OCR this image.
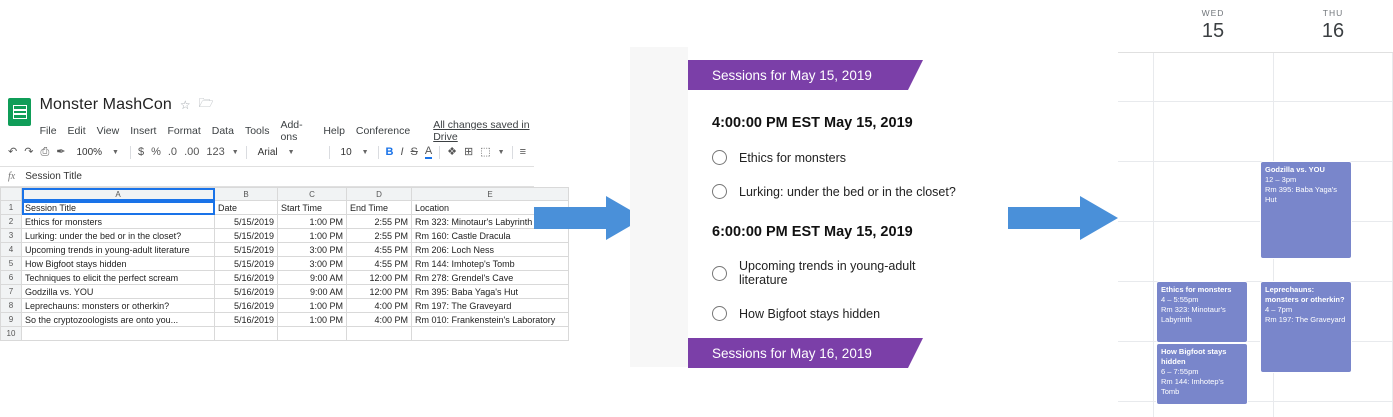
Monster MashCon ☆ 🗁
File Edit View Insert Format Data Tools Add-ons	Help Conference All changes saved in Drive
↶ ↷ ⎙ ✒ 100% ▼ $ % .0 .00 123 ▼ Arial ▼	10 ▼ B I S A ❖ ⊞ ⬚ ▼ ≡
fx Session Title
	A	B	C	D	E
1	Session Title	Date	Start Time	End Time	Location
2	Ethics for monsters	5/15/2019	1:00 PM	2:55 PM	Rm 323: Minotaur's Labyrinth
3	Lurking: under the bed or in the closet?	5/15/2019	1:00 PM	2:55 PM	Rm 160: Castle Dracula
4	Upcoming trends in young-adult literature	5/15/2019	3:00 PM	4:55 PM	Rm 206: Loch Ness
5	How Bigfoot stays hidden	5/15/2019	3:00 PM	4:55 PM	Rm 144: Imhotep's Tomb
6	Techniques to elicit the perfect scream	5/16/2019	9:00 AM	12:00 PM	Rm 278: Grendel's Cave
7	Godzilla vs. YOU	5/16/2019	9:00 AM	12:00 PM	Rm 395: Baba Yaga's Hut
8	Leprechauns: monsters or otherkin?	5/16/2019	1:00 PM	4:00 PM	Rm 197: The Graveyard
9	So the cryptozoologists are onto you...	5/16/2019	1:00 PM	4:00 PM	Rm 010: Frankenstein's Laboratory
10					
Sessions for May 15, 2019
4:00:00 PM EST May 15, 2019
Ethics for monsters
Lurking: under the bed or in the closet?
6:00:00 PM EST May 15, 2019
Upcoming trends in young-adult literature
How Bigfoot stays hidden
Sessions for May 16, 2019
WED
15
THU
16
Godzilla vs. YOU
12 – 3pm
Rm 395: Baba Yaga's Hut
Ethics for monsters
4 – 5:55pm
Rm 323: Minotaur's Labyrinth
Leprechauns: monsters or otherkin?
4 – 7pm
Rm 197: The Graveyard
How Bigfoot stays hidden
6 – 7:55pm
Rm 144: Imhotep's Tomb
